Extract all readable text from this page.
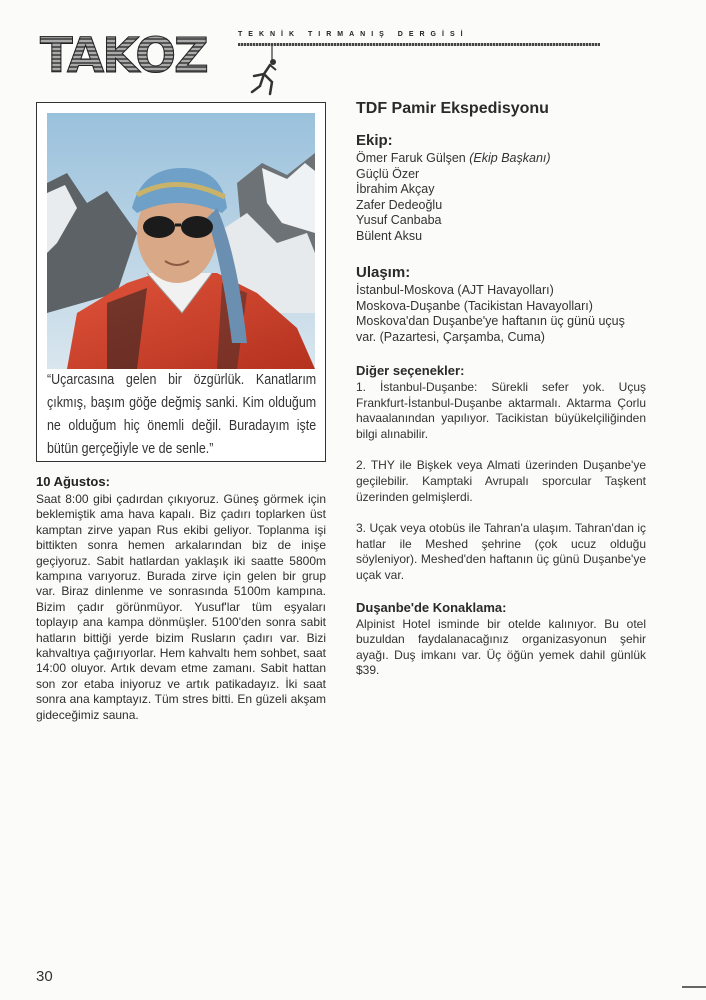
TAKOZ	TEKNİK TIRMANIŞ DERGİSİ
“Uçarcasına gelen bir özgürlük. Kanatlarım çıkmış, başım göğe değmiş sanki. Kim olduğum ne olduğum hiç önemli değil. Buradayım işte bütün gerçeğiyle ve de senle.”
10 Ağustos:

Saat 8:00 gibi çadırdan çıkıyoruz. Güneş görmek için beklemiştik ama hava kapalı. Biz çadırı toplarken üst kamptan zirve yapan Rus ekibi geliyor. Toplanma işi bittikten sonra hemen arkalarından biz de inişe geçiyoruz. Sabit hatlardan yaklaşık iki saatte 5800m kampına varıyoruz. Burada zirve için gelen bir grup var. Biraz dinlenme ve sonrasında 5100m kampına. Bizim çadır görünmüyor. Yusuf'lar tüm eşyaları toplayıp ana kampa dönmüşler. 5100'den sonra sabit hatların bittiği yerde bizim Rusların çadırı var. Bizi kahvaltıya çağırıyorlar. Hem kahvaltı hem sohbet, saat 14:00 oluyor. Artık devam etme zamanı. Sabit hattan son zor etaba iniyoruz ve artık patikadayız. İki saat sonra ana kamptayız. Tüm stres bitti. En güzeli akşam gideceğimiz sauna.

TDF Pamir Ekspedisyonu
Ekip:
Ömer Faruk Gülşen (Ekip Başkanı)
Güçlü Özer
İbrahim Akçay
Zafer Dedeoğlu
Yusuf Canbaba
Bülent Aksu
Ulaşım:
İstanbul-Moskova (AJT Havayolları)
Moskova-Duşanbe (Tacikistan Havayolları)
Moskova'dan Duşanbe'ye haftanın üç günü uçuş var. (Pazartesi, Çarşamba, Cuma)
Diğer seçenekler:

1. İstanbul-Duşanbe: Sürekli sefer yok. Uçuş Frankfurt-İstanbul-Duşanbe aktarmalı. Aktarma Çorlu havaalanından yapılıyor. Tacikistan büyükelçiliğinden bilgi alınabilir.

2. THY ile Bişkek veya Almati üzerinden Duşanbe'ye geçilebilir. Kamptaki Avrupalı sporcular Taşkent üzerinden gelmişlerdi.

3. Uçak veya otobüs ile Tahran'a ulaşım. Tahran'dan iç hatlar ile Meshed şehrine (çok ucuz olduğu söyleniyor). Meshed'den haftanın üç günü Duşanbe'ye uçak var.

Duşanbe'de Konaklama:

Alpinist Hotel isminde bir otelde kalınıyor. Bu otel buzuldan faydalanacağınız organizasyonun şehir ayağı. Duş imkanı var. Üç öğün yemek dahil günlük $39.

30
